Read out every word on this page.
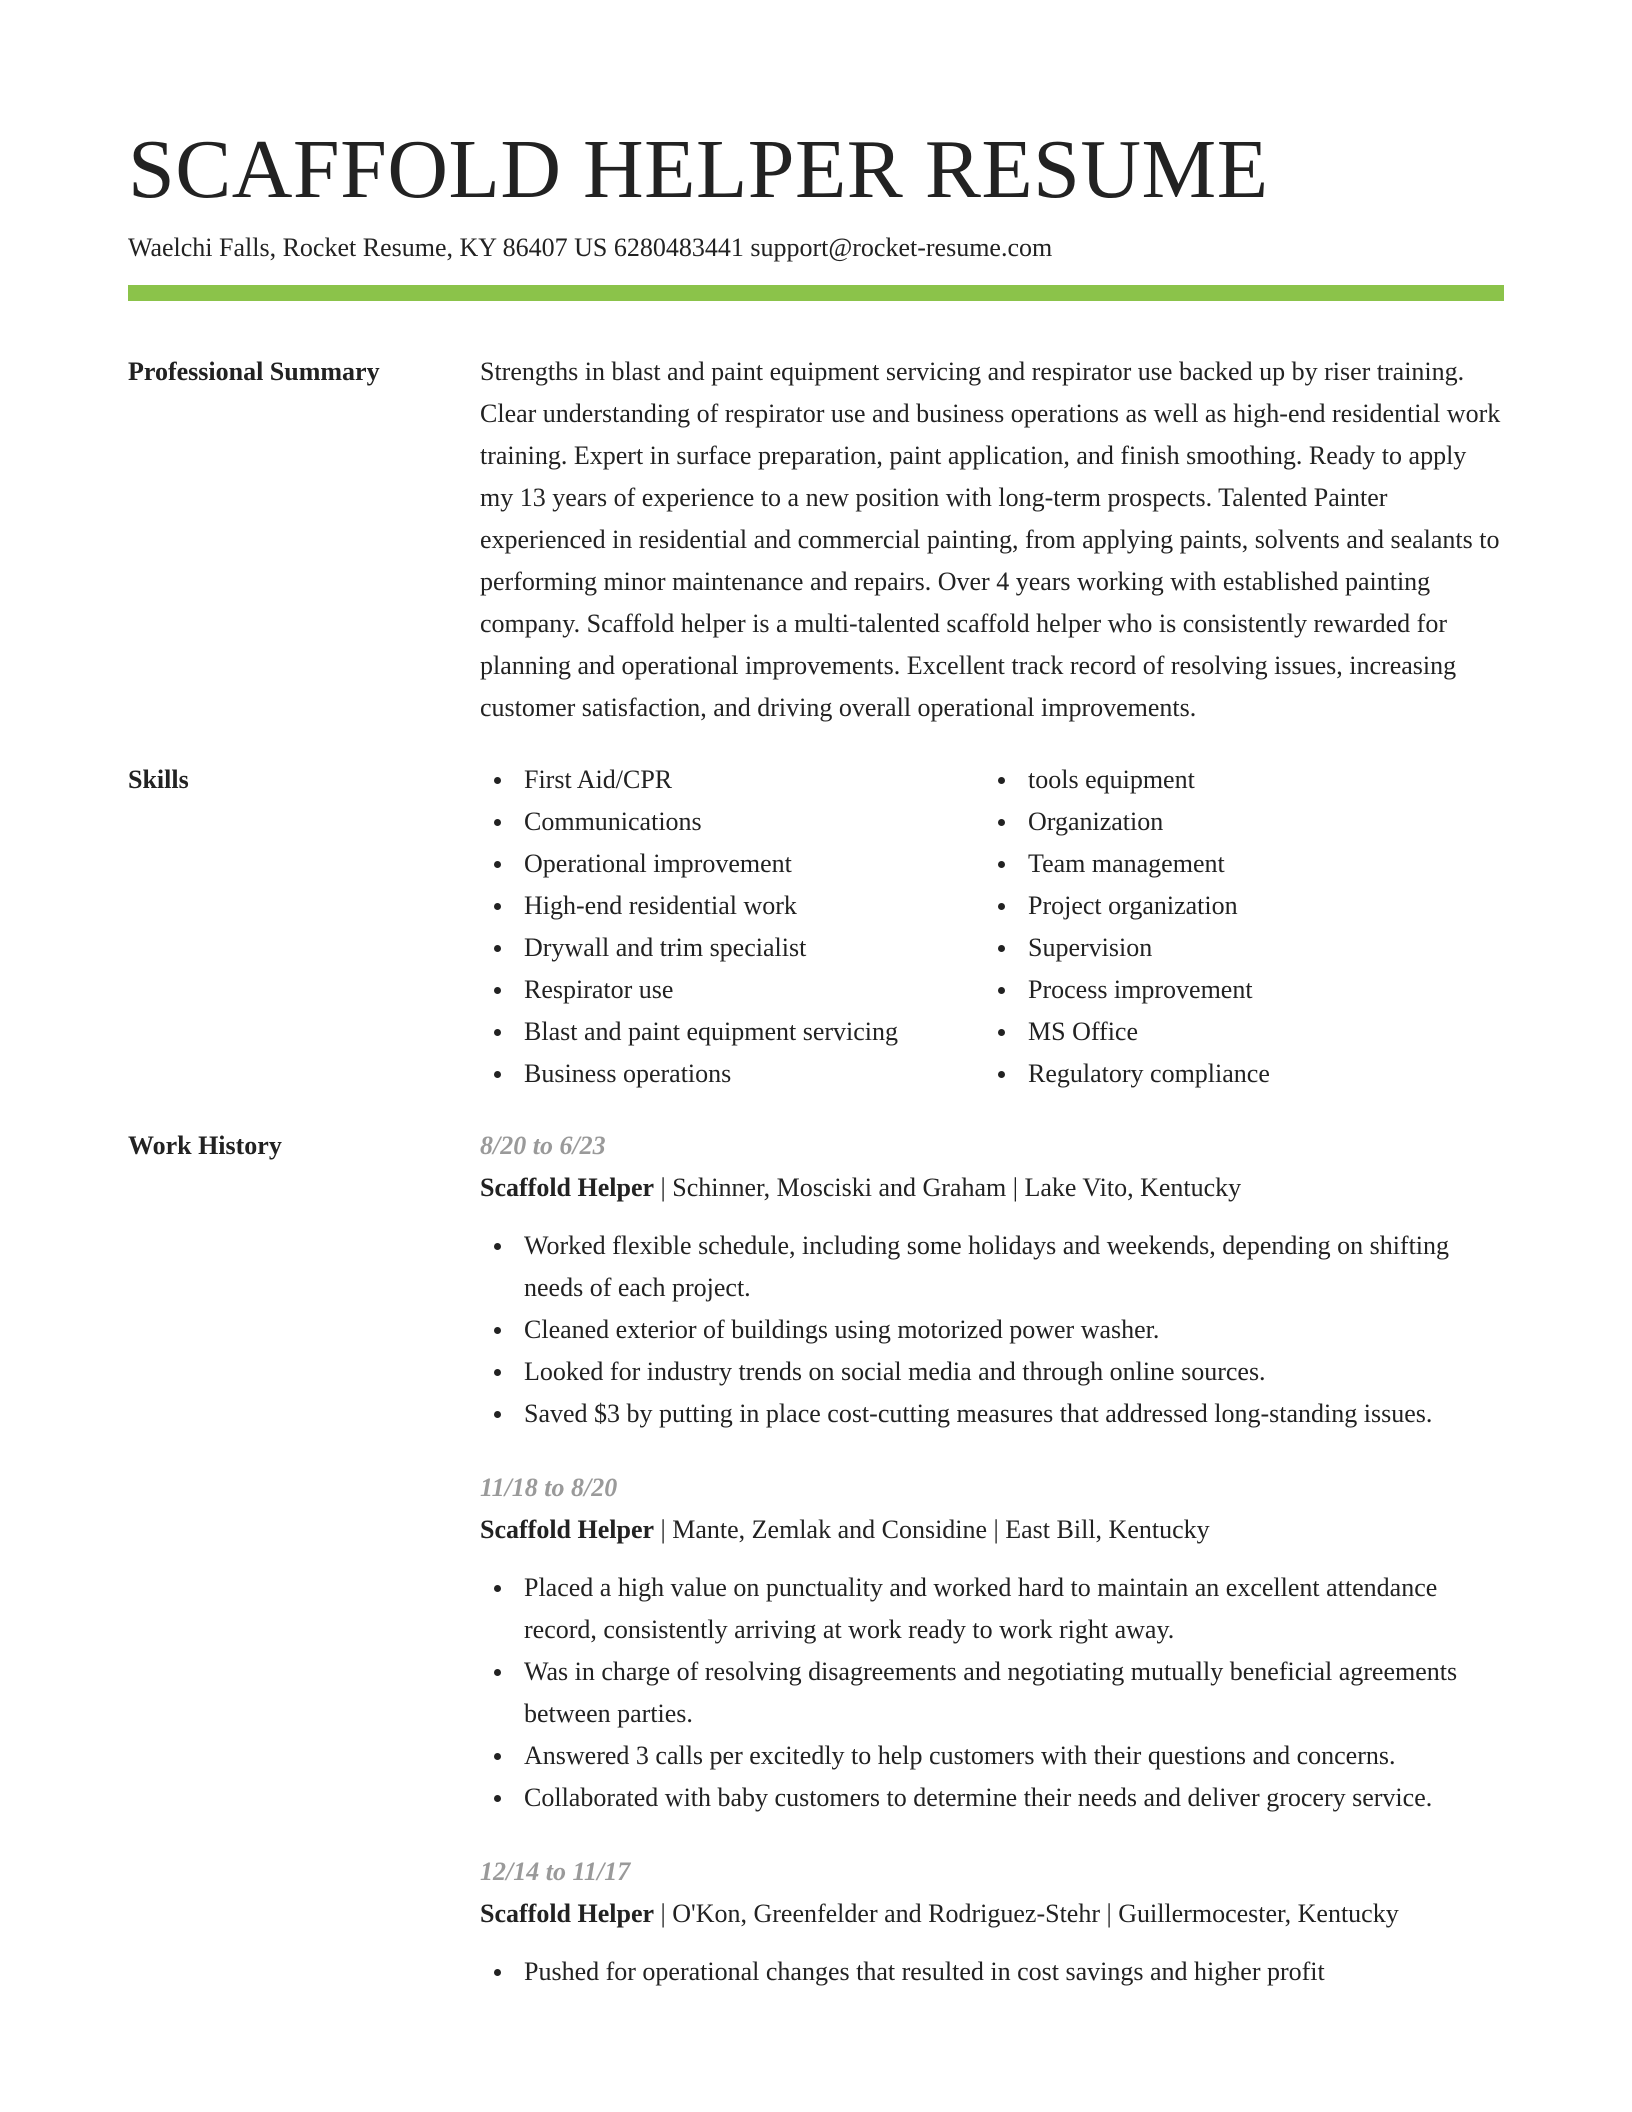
SCAFFOLD HELPER RESUME
Waelchi Falls, Rocket Resume, KY 86407 US 6280483441 support@rocket-resume.com
Professional Summary	Strengths in blast and paint equipment servicing and respirator use backed up by riser training. Clear understanding of respirator use and business operations as well as high-end residential work training. Expert in surface preparation, paint application, and finish smoothing. Ready to apply my 13 years of experience to a new position with long-term prospects. Talented Painter experienced in residential and commercial painting, from applying paints, solvents and sealants to performing minor maintenance and repairs. Over 4 years working with established painting company. Scaffold helper is a multi-talented scaffold helper who is consistently rewarded for planning and operational improvements. Excellent track record of resolving issues, increasing customer satisfaction, and driving overall operational improvements.
Skills	First Aid/CPR
Communications
Operational improvement
High-end residential work
Drywall and trim specialist
Respirator use
Blast and paint equipment servicing
Business operations
tools equipment
Organization
Team management
Project organization
Supervision
Process improvement
MS Office
Regulatory compliance
Work History	8/20 to 6/23
Scaffold Helper | Schinner, Mosciski and Graham | Lake Vito, Kentucky
Worked flexible schedule, including some holidays and weekends, depending on shifting needs of each project.
Cleaned exterior of buildings using motorized power washer.
Looked for industry trends on social media and through online sources.
Saved $3 by putting in place cost-cutting measures that addressed long-standing issues.
11/18 to 8/20
Scaffold Helper | Mante, Zemlak and Considine | East Bill, Kentucky
Placed a high value on punctuality and worked hard to maintain an excellent attendance record, consistently arriving at work ready to work right away.
Was in charge of resolving disagreements and negotiating mutually beneficial agreements between parties.
Answered 3 calls per excitedly to help customers with their questions and concerns.
Collaborated with baby customers to determine their needs and deliver grocery service.
12/14 to 11/17
Scaffold Helper | O'Kon, Greenfelder and Rodriguez-Stehr | Guillermocester, Kentucky
Pushed for operational changes that resulted in cost savings and higher profit
